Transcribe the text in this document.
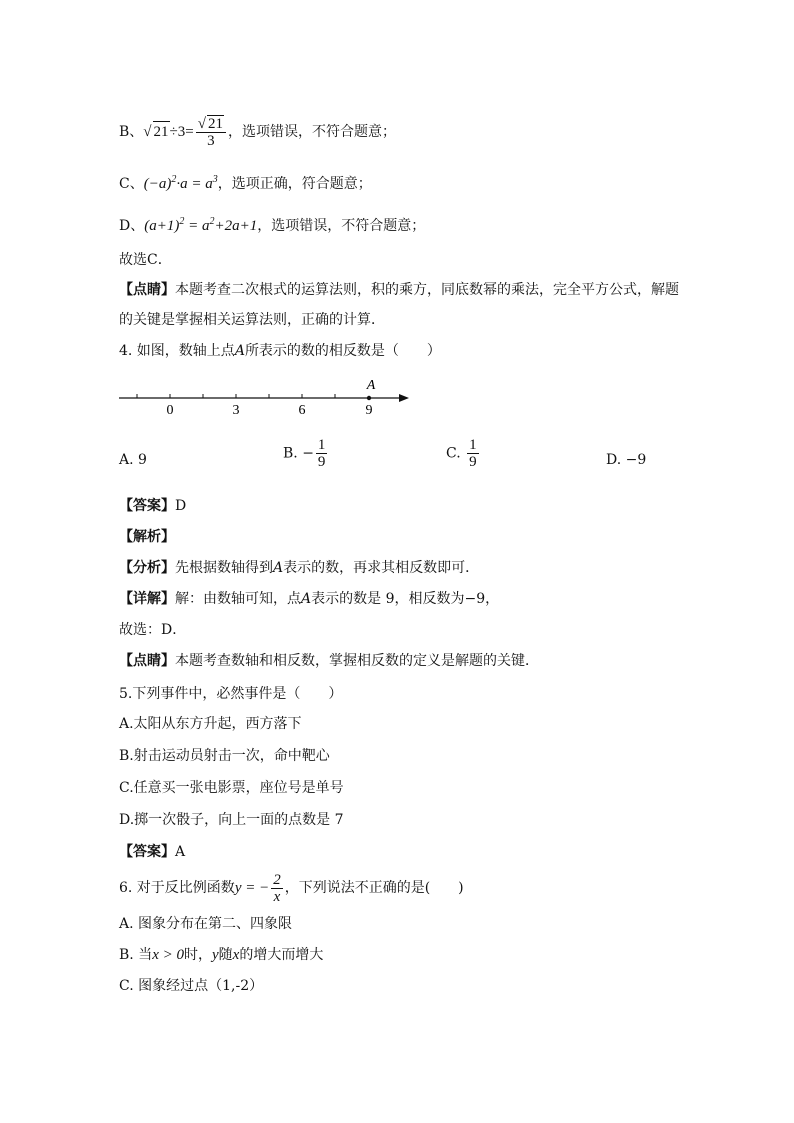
B、√ $21\div 3= \frac{√ 21}{3}$ ，选项错误，不符合题意；
C、$(-a)^2\cdot a = a^3$，选项正确，符合题意；
D、$(a+1)^2 = a^2+2a+1$，选项错误，不符合题意；
故选C．
【点睛】本题考查二次根式的运算法则，积的乘方，同底数幂的乘法，完全平方公式，解题
的关键是掌握相关运算法则，正确的计算．
4. 如图，数轴上点A所表示的数的相反数是（　　）
0	3	6	9
A
A. 9	B. − $\frac{1}{9}$	C. $\frac{1}{9}$	D. −9
【答案】D
【解析】
【分析】先根据数轴得到A表示的数，再求其相反数即可．
【详解】解：由数轴可知，点A表示的数是 9，相反数为−9，
故选：D．
【点睛】本题考查数轴和相反数，掌握相反数的定义是解题的关键．
5.下列事件中，必然事件是（　　）
A.太阳从东方升起，西方落下
B.射击运动员射击一次，命中靶心
C.任意买一张电影票，座位号是单号
D.掷一次骰子，向上一面的点数是 7
【答案】A
6. 对于反比例函数y = − $\frac{2}{x}$ ，下列说法不正确的是(　　)
A. 图象分布在第二、四象限
B. 当x > 0时，y随x的增大而增大
C. 图象经过点（1,-2）
